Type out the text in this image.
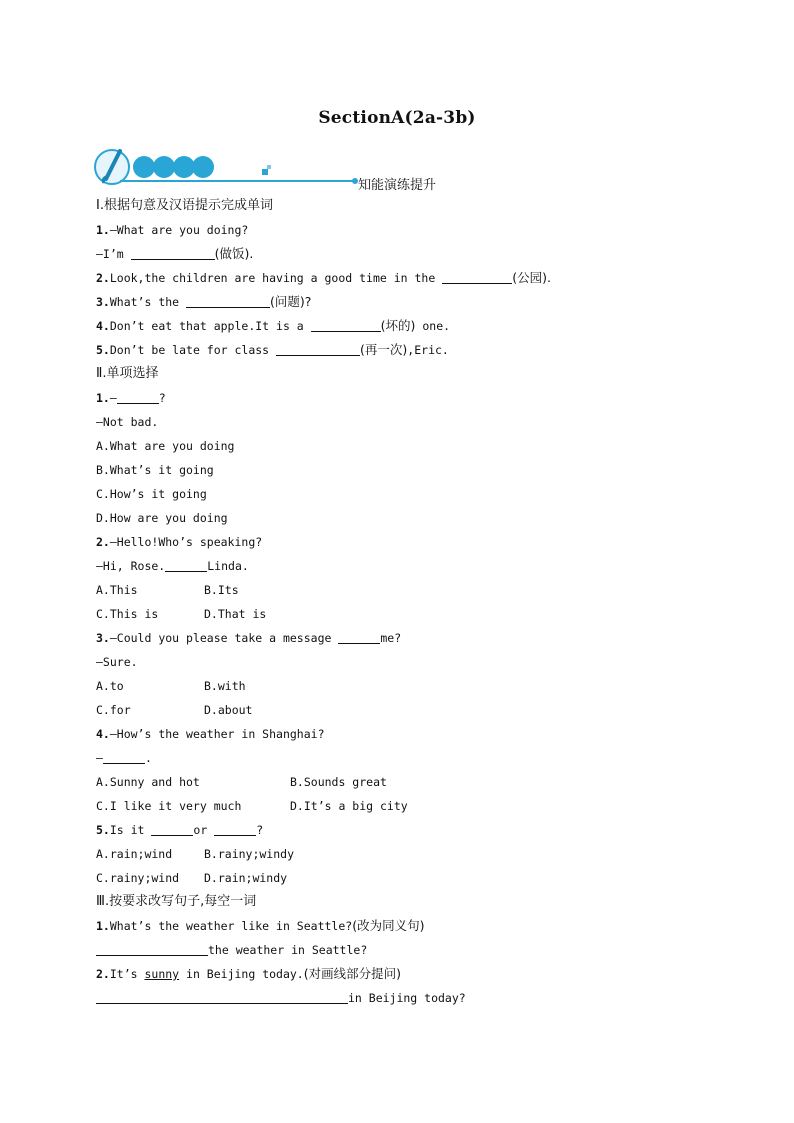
SectionA(2a-3b)
知能演练提升
Ⅰ.根据句意及汉语提示完成单词
1.—What are you doing?
—I’m	(做饭).
2.Look,the children are having a good time in the	(公园).
3.What’s the	(问题)?
4.Don’t eat that apple.It is a	(坏的) one.
5.Don’t be late for class	(再一次),Eric.
Ⅱ.单项选择
1.—	?
—Not bad.
A.What are you doing
B.What’s it going
C.How’s it going
D.How are you doing
2.—Hello!Who’s speaking?
—Hi, Rose.	Linda.
A.This	B.Its
C.This is	D.That is
3.—Could you please take a message	me?
—Sure.
A.to	B.with
C.for	D.about
4.—How’s the weather in Shanghai?
—	.
A.Sunny and hot	B.Sounds great
C.I like it very much	D.It’s a big city
5.Is it	or	?
A.rain;wind	B.rainy;windy
C.rainy;wind D.rain;windy
Ⅲ.按要求改写句子,每空一词
1.What’s the weather like in Seattle?(改为同义句)
the weather in Seattle?
2.It’s sunny in Beijing today.(对画线部分提问)
in Beijing today?
